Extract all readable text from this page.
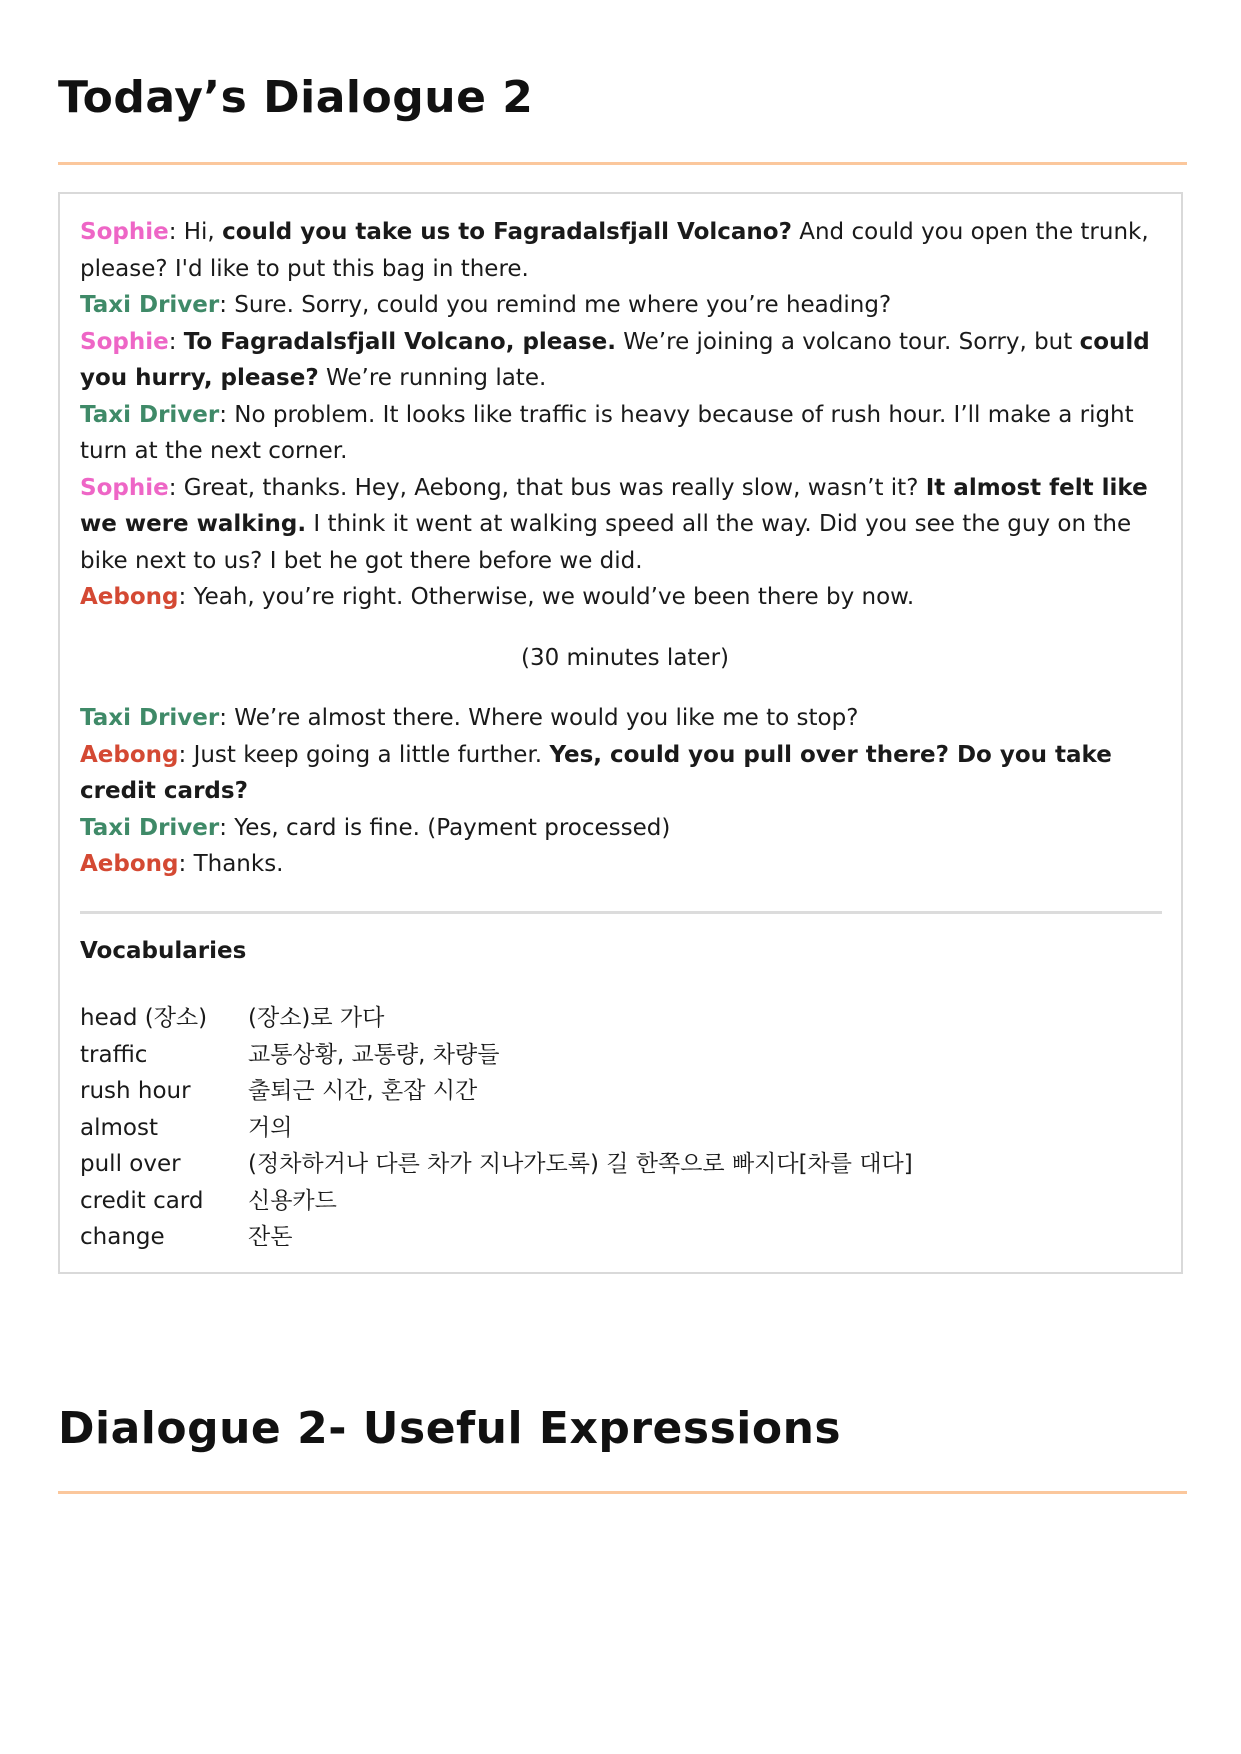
Today’s Dialogue 2

Sophie: Hi, could you take us to Fagradalsfjall Volcano? And could you open the trunk, please? I'd like to put this bag in there.

Taxi Driver: Sure. Sorry, could you remind me where you’re heading?

Sophie: To Fagradalsfjall Volcano, please. We’re joining a volcano tour. Sorry, but could you hurry, please? We’re running late.

Taxi Driver: No problem. It looks like traffic is heavy because of rush hour. I’ll make a right turn at the next corner.

Sophie: Great, thanks. Hey, Aebong, that bus was really slow, wasn’t it? It almost felt like we were walking. I think it went at walking speed all the way. Did you see the guy on the bike next to us? I bet he got there before we did.

Aebong: Yeah, you’re right. Otherwise, we would’ve been there by now.

(30 minutes later)

Taxi Driver: We’re almost there. Where would you like me to stop?

Aebong: Just keep going a little further. Yes, could you pull over there? Do you take credit cards?

Taxi Driver: Yes, card is fine. (Payment processed)

Aebong: Thanks.

Vocabularies

head (장소)	(장소)로 가다
traffic	교통상황, 교통량, 차량들
rush hour	출퇴근 시간, 혼잡 시간
almost	거의
pull over	(정차하거나 다른 차가 지나가도록) 길 한쪽으로 빠지다[차를 대다]
credit card	신용카드
change	잔돈
Dialogue 2- Useful Expressions
